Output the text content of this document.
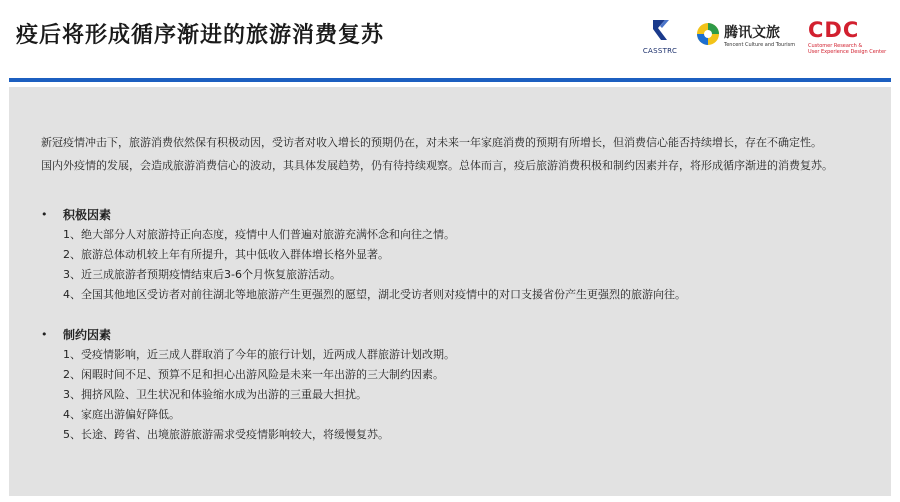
疫后将形成循序渐进的旅游消费复苏
CASSTRC
腾讯文旅
Tencent Culture and Tourism
CDC
Customer Research &
User Experience Design Center
新冠疫情冲击下，旅游消费依然保有积极动因，受访者对收入增长的预期仍在，对未来一年家庭消费的预期有所增长，但消费信心能否持续增长，存在不确定性。
国内外疫情的发展，会造成旅游消费信心的波动，其具体发展趋势，仍有待持续观察。总体而言，疫后旅游消费积极和制约因素并存，将形成循序渐进的消费复苏。
• 积极因素
1、绝大部分人对旅游持正向态度，疫情中人们普遍对旅游充满怀念和向往之情。
2、旅游总体动机较上年有所提升，其中低收入群体增长格外显著。
3、近三成旅游者预期疫情结束后3-6个月恢复旅游活动。
4、全国其他地区受访者对前往湖北等地旅游产生更强烈的愿望，湖北受访者则对疫情中的对口支援省份产生更强烈的旅游向往。
• 制约因素
1、受疫情影响，近三成人群取消了今年的旅行计划，近两成人群旅游计划改期。
2、闲暇时间不足、预算不足和担心出游风险是未来一年出游的三大制约因素。
3、拥挤风险、卫生状况和体验缩水成为出游的三重最大担扰。
4、家庭出游偏好降低。
5、长途、跨省、出境旅游旅游需求受疫情影响较大，将缓慢复苏。
